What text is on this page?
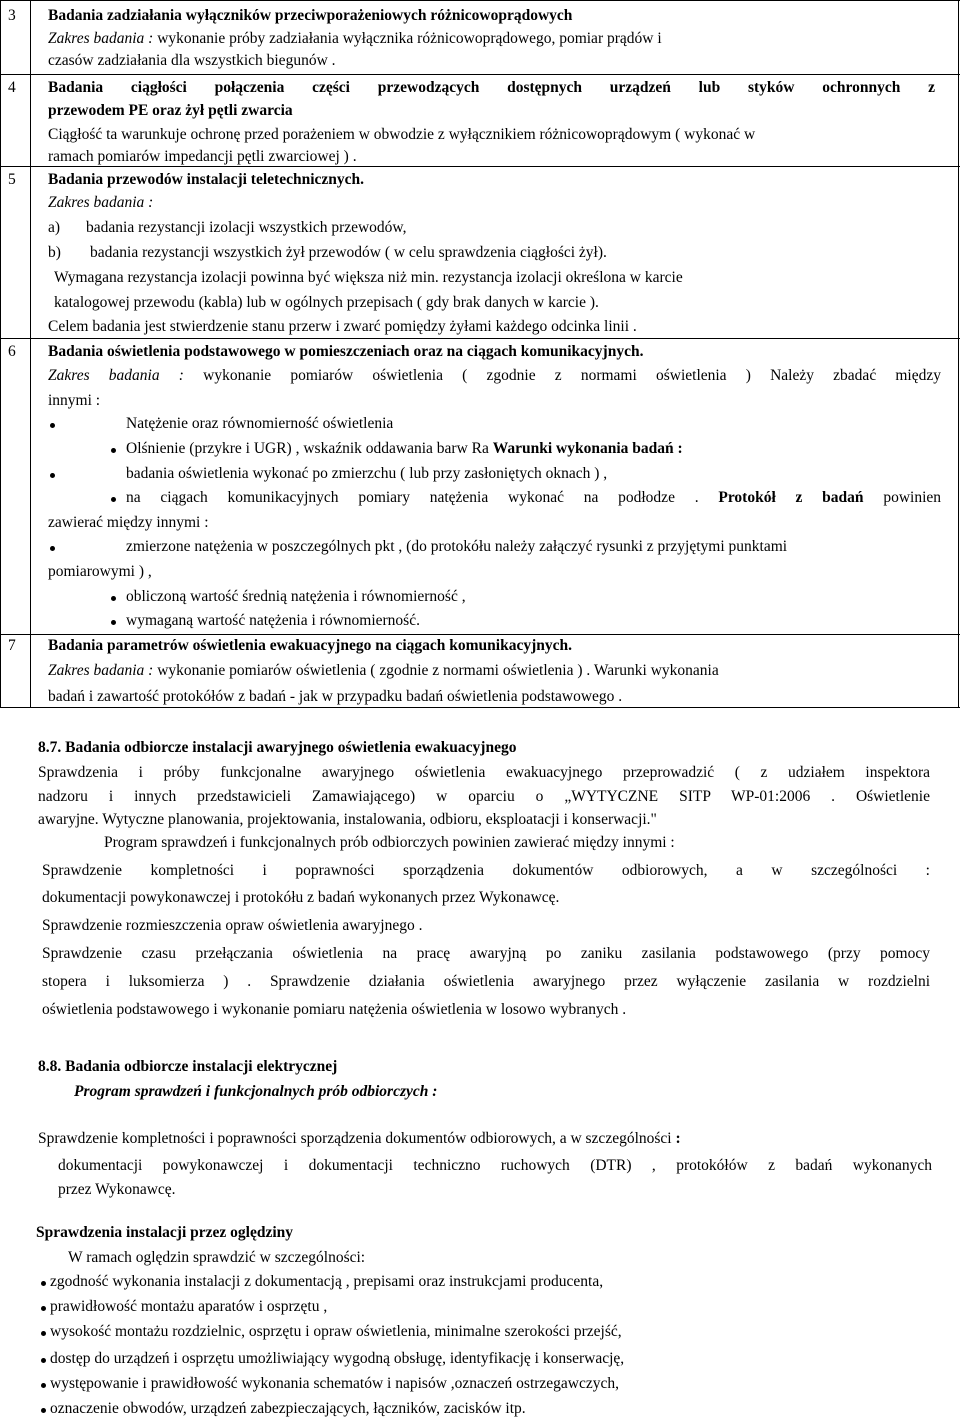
3 Badania zadziałania wyłączników przeciwporażeniowych różnicowoprądowych
Zakres badania : wykonanie próby zadziałania wyłącznika różnicowoprądowego, pomiar prądów i
czasów zadziałania dla wszystkich biegunów .
4 Badania ciągłości połączenia części przewodzących dostępnych urządzeń lub styków ochronnych z
przewodem PE oraz żył pętli zwarcia
Ciągłość ta warunkuje ochronę przed porażeniem w obwodzie z wyłącznikiem różnicowoprądowym ( wykonać w
ramach pomiarów impedancji pętli zwarciowej ) .
5 Badania przewodów instalacji teletechnicznych.
Zakres badania :
a) badania rezystancji izolacji wszystkich przewodów,
b) badania rezystancji wszystkich żył przewodów ( w celu sprawdzenia ciągłości żył).
Wymagana rezystancja izolacji powinna być większa niż min. rezystancja izolacji określona w karcie
katalogowej przewodu (kabla) lub w ogólnych przepisach ( gdy brak danych w karcie ).
Celem badania jest stwierdzenie stanu przerw i zwarć pomiędzy żyłami każdego odcinka linii .
6 Badania oświetlenia podstawowego w pomieszczeniach oraz na ciągach komunikacyjnych.
Zakres badania : wykonanie pomiarów oświetlenia ( zgodnie z normami oświetlenia ) Należy zbadać między
innymi :
Natężenie oraz równomierność oświetlenia
Olśnienie (przykre i UGR) , wskaźnik oddawania barw Ra Warunki wykonania badań :
badania oświetlenia wykonać po zmierzchu ( lub przy zasłoniętych oknach ) ,
na ciągach komunikacyjnych pomiary natężenia wykonać na podłodze . Protokół z badań powinien
zawierać między innymi :
zmierzone natężenia w poszczególnych pkt , (do protokółu należy załączyć rysunki z przyjętymi punktami
pomiarowymi ) ,
obliczoną wartość średnią natężenia i równomierność ,
wymaganą wartość natężenia i równomierność.
7 Badania parametrów oświetlenia ewakuacyjnego na ciągach komunikacyjnych.
Zakres badania : wykonanie pomiarów oświetlenia ( zgodnie z normami oświetlenia ) . Warunki wykonania
badań i zawartość protokółów z badań - jak w przypadku badań oświetlenia podstawowego .
8.7. Badania odbiorcze instalacji awaryjnego oświetlenia ewakuacyjnego
Sprawdzenia i próby funkcjonalne awaryjnego oświetlenia ewakuacyjnego przeprowadzić ( z udziałem inspektora
nadzoru i innych przedstawicieli Zamawiającego) w oparciu o „WYTYCZNE SITP WP-01:2006 . Oświetlenie
awaryjne. Wytyczne planowania, projektowania, instalowania, odbioru, eksploatacji i konserwacji."
Program sprawdzeń i funkcjonalnych prób odbiorczych powinien zawierać między innymi :
Sprawdzenie kompletności i poprawności sporządzenia dokumentów odbiorowych, a w szczególności :
dokumentacji powykonawczej i protokółu z badań wykonanych przez Wykonawcę.
Sprawdzenie rozmieszczenia opraw oświetlenia awaryjnego .
Sprawdzenie czasu przełączania oświetlenia na pracę awaryjną po zaniku zasilania podstawowego (przy pomocy
stopera i luksomierza ) . Sprawdzenie działania oświetlenia awaryjnego przez wyłączenie zasilania w rozdzielni
oświetlenia podstawowego i wykonanie pomiaru natężenia oświetlenia w losowo wybranych .
8.8. Badania odbiorcze instalacji elektrycznej
Program sprawdzeń i funkcjonalnych prób odbiorczych :
Sprawdzenie kompletności i poprawności sporządzenia dokumentów odbiorowych, a w szczególności :
dokumentacji powykonawczej i dokumentacji techniczno ruchowych (DTR) , protokółów z badań wykonanych
przez Wykonawcę.
Sprawdzenia instalacji przez oględziny
W ramach oględzin sprawdzić w szczególności:
zgodność wykonania instalacji z dokumentacją , prepisami oraz instrukcjami producenta,
prawidłowość montażu aparatów i osprzętu ,
wysokość montażu rozdzielnic, osprzętu i opraw oświetlenia, minimalne szerokości przejść,
dostęp do urządzeń i osprzętu umożliwiający wygodną obsługę, identyfikację i konserwację,
występowanie i prawidłowość wykonania schematów i napisów ,oznaczeń ostrzegawczych,
oznaczenie obwodów, urządzeń zabezpieczających, łączników, zacisków itp.
